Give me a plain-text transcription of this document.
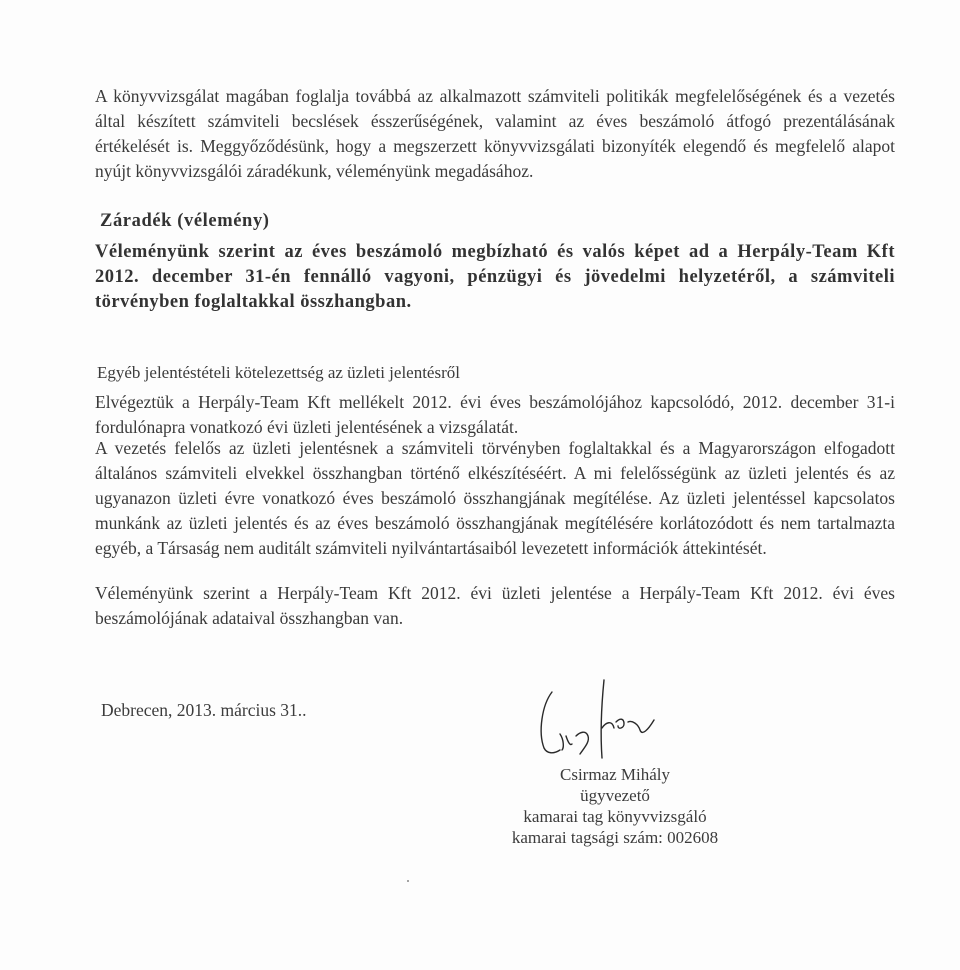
A könyvvizsgálat magában foglalja továbbá az alkalmazott számviteli politikák megfelelőségének és a vezetés által készített számviteli becslések ésszerűségének, valamint az éves beszámoló átfogó prezentálásának értékelését is. Meggyőződésünk, hogy a megszerzett könyvvizsgálati bizonyíték elegendő és megfelelő alapot nyújt könyvvizsgálói záradékunk, véleményünk megadásához.

Záradék (vélemény)

Véleményünk szerint az éves beszámoló megbízható és valós képet ad a Herpály-Team Kft 2012. december 31-én fennálló vagyoni, pénzügyi és jövedelmi helyzetéről, a számviteli törvényben foglaltakkal összhangban.

Egyéb jelentéstételi kötelezettség az üzleti jelentésről

Elvégeztük a Herpály-Team Kft mellékelt 2012. évi éves beszámolójához kapcsolódó, 2012. december 31-i fordulónapra vonatkozó évi üzleti jelentésének a vizsgálatát.

A vezetés felelős az üzleti jelentésnek a számviteli törvényben foglaltakkal és a Magyarországon elfogadott általános számviteli elvekkel összhangban történő elkészítéséért. A mi felelősségünk az üzleti jelentés és az ugyanazon üzleti évre vonatkozó éves beszámoló összhangjának megítélése. Az üzleti jelentéssel kapcsolatos munkánk az üzleti jelentés és az éves beszámoló összhangjának megítélésére korlátozódott és nem tartalmazta egyéb, a Társaság nem auditált számviteli nyilvántartásaiból levezetett információk áttekintését.

Véleményünk szerint a Herpály-Team Kft 2012. évi üzleti jelentése a Herpály-Team Kft 2012. évi éves beszámolójának adataival összhangban van.

Debrecen, 2013. március 31..
Csirmaz Mihály
ügyvezető
kamarai tag könyvvizsgáló
kamarai tagsági szám: 002608
